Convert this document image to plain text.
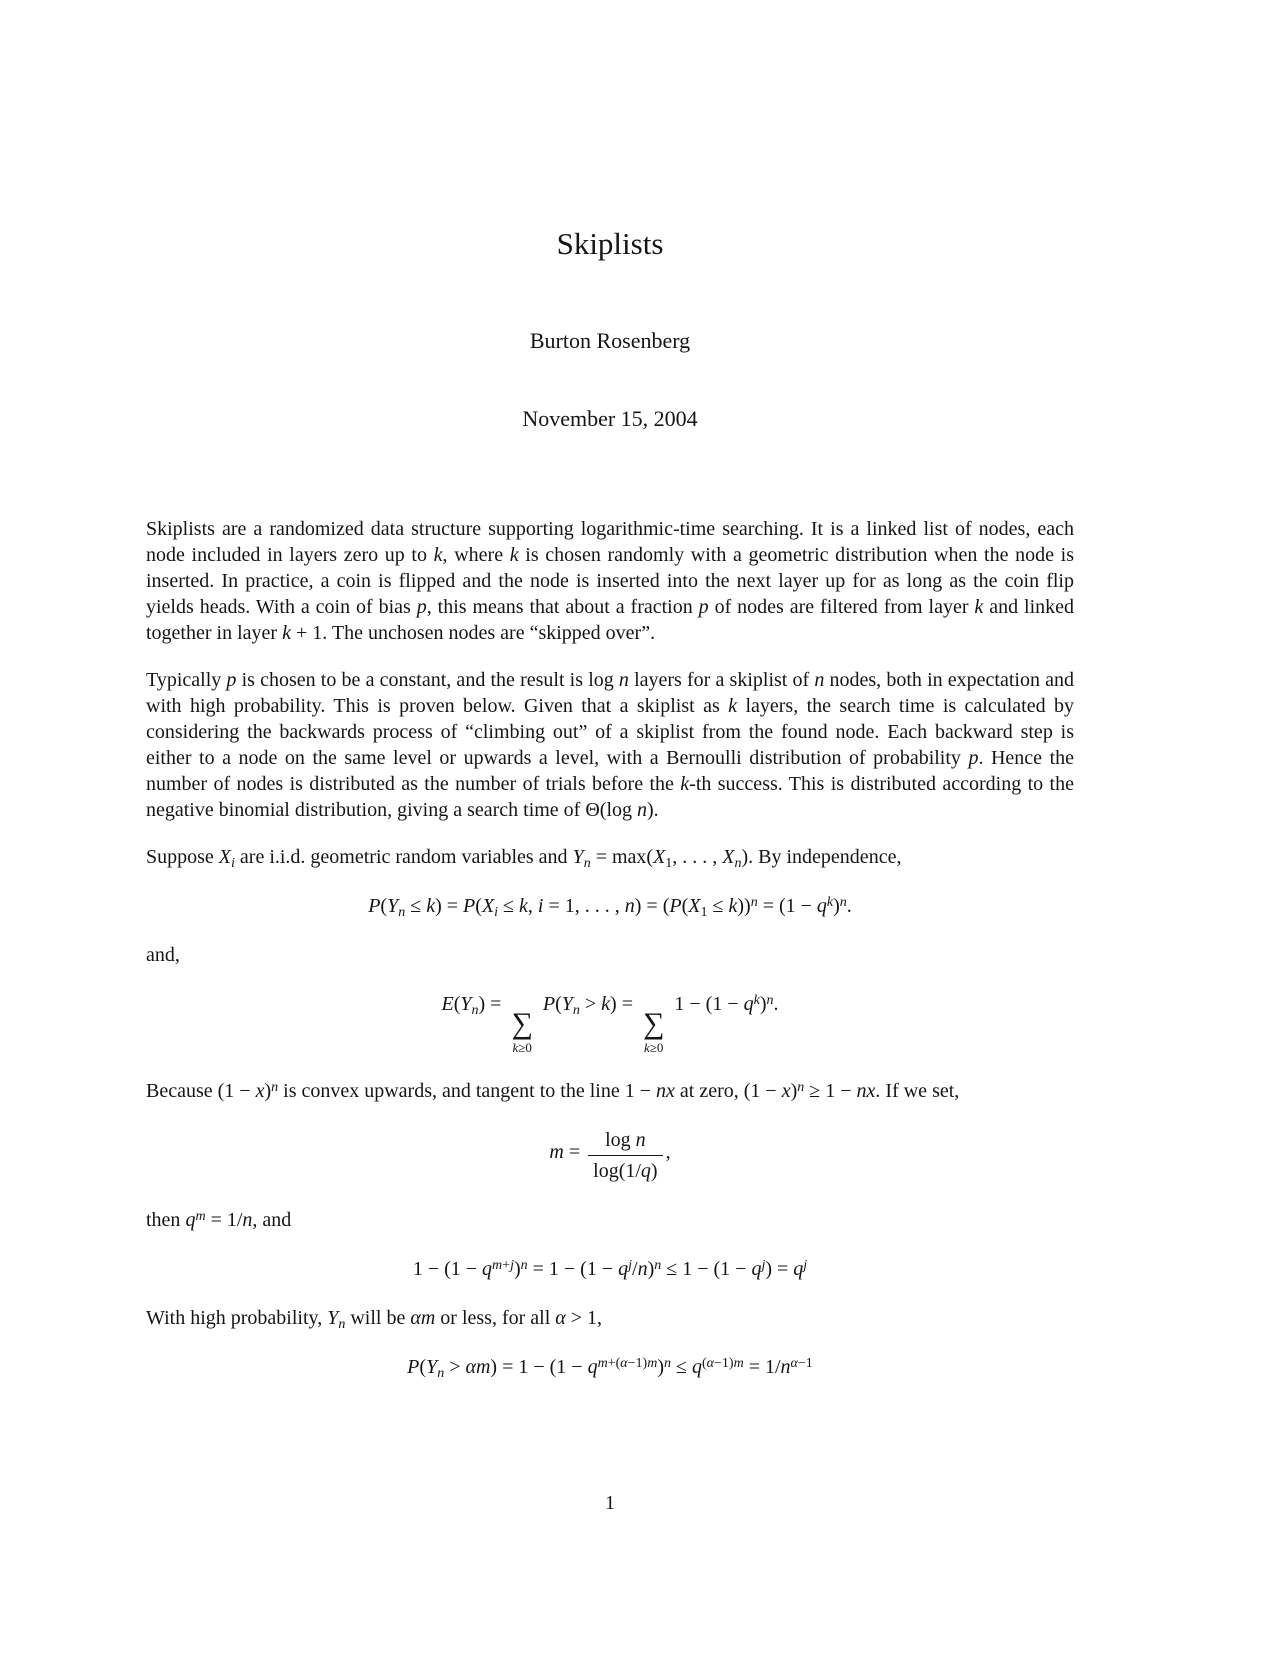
Skiplists
Burton Rosenberg
November 15, 2004
Skiplists are a randomized data structure supporting logarithmic-time searching. It is a linked list of nodes, each node included in layers zero up to k, where k is chosen randomly with a geometric distribution when the node is inserted. In practice, a coin is flipped and the node is inserted into the next layer up for as long as the coin flip yields heads. With a coin of bias p, this means that about a fraction p of nodes are filtered from layer k and linked together in layer k + 1. The unchosen nodes are “skipped over”.
Typically p is chosen to be a constant, and the result is log n layers for a skiplist of n nodes, both in expectation and with high probability. This is proven below. Given that a skiplist as k layers, the search time is calculated by considering the backwards process of “climbing out” of a skiplist from the found node. Each backward step is either to a node on the same level or upwards a level, with a Bernoulli distribution of probability p. Hence the number of nodes is distributed as the number of trials before the k-th success. This is distributed according to the negative binomial distribution, giving a search time of Θ(log n).
Suppose $X_i$ are i.i.d. geometric random variables and $Y_n = \max(X_1$, . . . , $X_n$). By independence,
$P(Y_n \le k) = P(X_i \le k$, i = 1, . . . , $n) = (P(X_1 \le k))^n = (1 - q^k)^n$.
and,
$E(Y_n)$ =
∑
k≥0
$P(Y_n > k)$ =
∑
k≥0
$1 - (1 - q^k)^n$.
Because $(1 - x)^n$ is convex upwards, and tangent to the line 1 − nx at zero, $(1 - x)^n \ge 1$ − nx. If we set,
$m = \frac{\text{log n}}{\log(1/q)}$ ,
then $q^m = 1/n$, and
$1 - (1 - q^{m+j})^n = 1 - (1 - q^j/n)^n \le 1 - (1 - q^j) = q^j$
With high probability, $Y_n$ will be αm or less, for all α > 1,
$P(Y_n > \alpha m) = 1 - (1 - q^{m+(\alpha-1)m})^n \le q^{(\alpha-1)m} = 1/n^{\alpha-1}$
1
